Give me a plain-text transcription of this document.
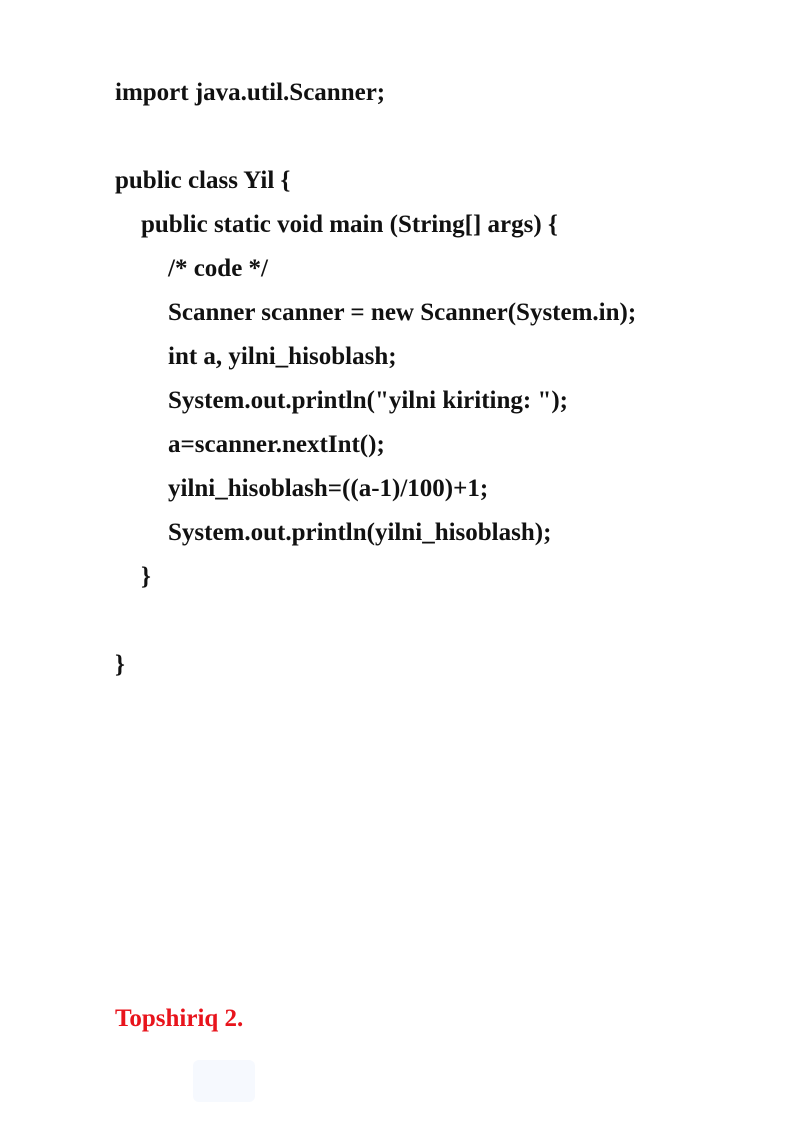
import java.util.Scanner;
public class Yil {
public static void main (String[] args) {
/* code */
Scanner scanner = new Scanner(System.in);
int a, yilni_hisoblash;
System.out.println("yilni kiriting: ");
a=scanner.nextInt();
yilni_hisoblash=((a-1)/100)+1;
System.out.println(yilni_hisoblash);
}
}
Topshiriq 2.
